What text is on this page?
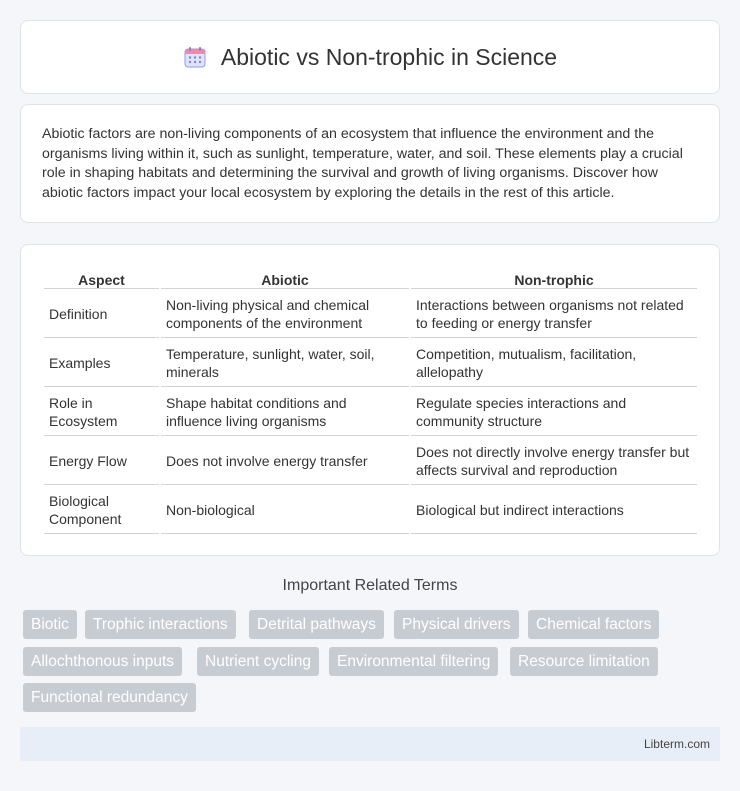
Abiotic vs Non-trophic in Science

Abiotic factors are non-living components of an ecosystem that influence the environment and the organisms living within it, such as sunlight, temperature, water, and soil. These elements play a crucial role in shaping habitats and determining the survival and growth of living organisms. Discover how abiotic factors impact your local ecosystem by exploring the details in the rest of this article.

Aspect	Abiotic	Non-trophic
Definition	Non-living physical and chemical components of the environment	Interactions between organisms not related to feeding or energy transfer
Examples	Temperature, sunlight, water, soil, minerals	Competition, mutualism, facilitation, allelopathy
Role in Ecosystem	Shape habitat conditions and influence living organisms	Regulate species interactions and community structure
Energy Flow	Does not involve energy transfer	Does not directly involve energy transfer but affects survival and reproduction
Biological Component	Non-biological	Biological but indirect interactions
Important Related Terms
Biotic	Trophic interactions	Detrital pathways	Physical drivers	Chemical factors
Allochthonous inputs	Nutrient cycling	Environmental filtering	Resource limitation
Functional redundancy
Libterm.com
